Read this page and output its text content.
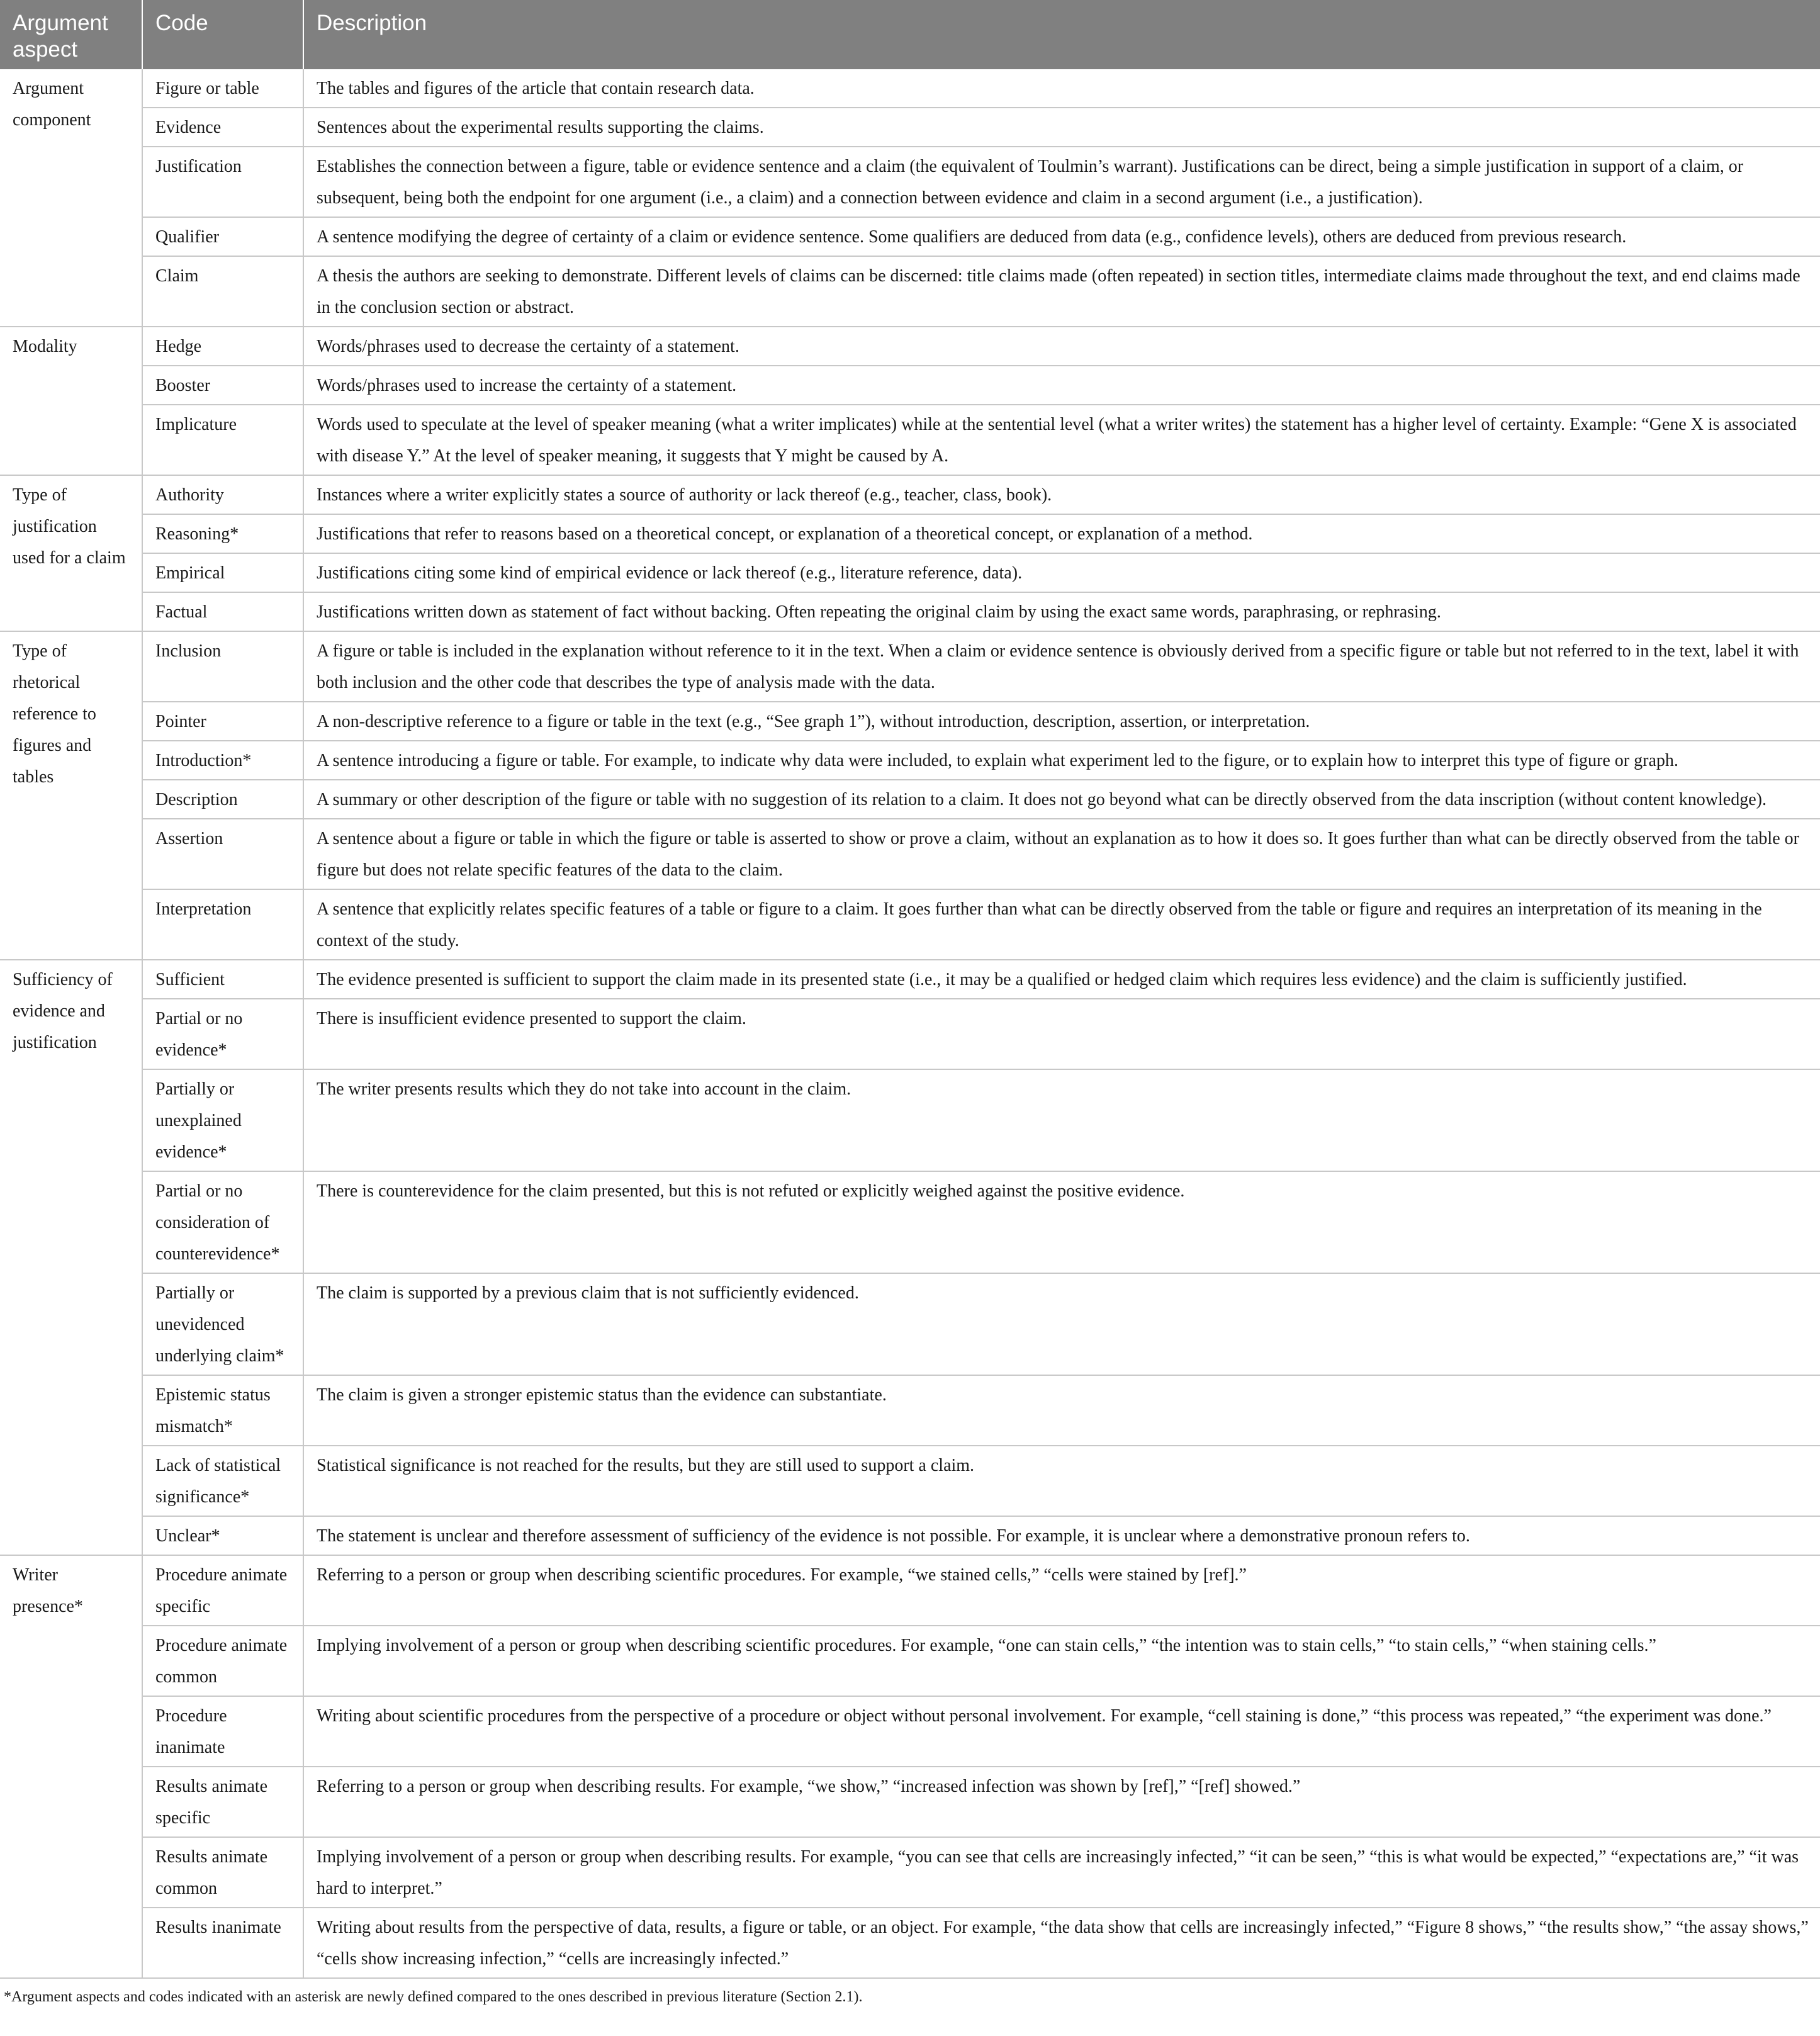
Argument aspect	Code	Description
Argument component	Figure or table	The tables and figures of the article that contain research data.
	Evidence	Sentences about the experimental results supporting the claims.
	Justification	Establishes the connection between a figure, table or evidence sentence and a claim (the equivalent of Toulmin’s warrant). Justifications can be direct, being a simple justification in support of a claim, or subsequent, being both the endpoint for one argument (i.e., a claim) and a connection between evidence and claim in a second argument (i.e., a justification).
	Qualifier	A sentence modifying the degree of certainty of a claim or evidence sentence. Some qualifiers are deduced from data (e.g., confidence levels), others are deduced from previous research.
	Claim	A thesis the authors are seeking to demonstrate. Different levels of claims can be discerned: title claims made (often repeated) in section titles, intermediate claims made throughout the text, and end claims made in the conclusion section or abstract.
Modality	Hedge	Words/phrases used to decrease the certainty of a statement.
	Booster	Words/phrases used to increase the certainty of a statement.
	Implicature	Words used to speculate at the level of speaker meaning (what a writer implicates) while at the sentential level (what a writer writes) the statement has a higher level of certainty. Example: “Gene X is associated with disease Y.” At the level of speaker meaning, it suggests that Y might be caused by A.
Type of justification used for a claim	Authority	Instances where a writer explicitly states a source of authority or lack thereof (e.g., teacher, class, book).
	Reasoning*	Justifications that refer to reasons based on a theoretical concept, or explanation of a theoretical concept, or explanation of a method.
	Empirical	Justifications citing some kind of empirical evidence or lack thereof (e.g., literature reference, data).
	Factual	Justifications written down as statement of fact without backing. Often repeating the original claim by using the exact same words, paraphrasing, or rephrasing.
Type of rhetorical reference to figures and tables	Inclusion	A figure or table is included in the explanation without reference to it in the text. When a claim or evidence sentence is obviously derived from a specific figure or table but not referred to in the text, label it with both inclusion and the other code that describes the type of analysis made with the data.
	Pointer	A non-descriptive reference to a figure or table in the text (e.g., “See graph 1”), without introduction, description, assertion, or interpretation.
	Introduction*	A sentence introducing a figure or table. For example, to indicate why data were included, to explain what experiment led to the figure, or to explain how to interpret this type of figure or graph.
	Description	A summary or other description of the figure or table with no suggestion of its relation to a claim. It does not go beyond what can be directly observed from the data inscription (without content knowledge).
	Assertion	A sentence about a figure or table in which the figure or table is asserted to show or prove a claim, without an explanation as to how it does so. It goes further than what can be directly observed from the table or figure but does not relate specific features of the data to the claim.
	Interpretation	A sentence that explicitly relates specific features of a table or figure to a claim. It goes further than what can be directly observed from the table or figure and requires an interpretation of its meaning in the context of the study.
Sufficiency of evidence and justification	Sufficient	The evidence presented is sufficient to support the claim made in its presented state (i.e., it may be a qualified or hedged claim which requires less evidence) and the claim is sufficiently justified.
	Partial or no evidence*	There is insufficient evidence presented to support the claim.
	Partially or unexplained evidence*	The writer presents results which they do not take into account in the claim.
	Partial or no consideration of counterevidence*	There is counterevidence for the claim presented, but this is not refuted or explicitly weighed against the positive evidence.
	Partially or unevidenced underlying claim*	The claim is supported by a previous claim that is not sufficiently evidenced.
	Epistemic status mismatch*	The claim is given a stronger epistemic status than the evidence can substantiate.
	Lack of statistical significance*	Statistical significance is not reached for the results, but they are still used to support a claim.
	Unclear*	The statement is unclear and therefore assessment of sufficiency of the evidence is not possible. For example, it is unclear where a demonstrative pronoun refers to.
Writer presence*	Procedure animate specific	Referring to a person or group when describing scientific procedures. For example, “we stained cells,” “cells were stained by [ref].”
	Procedure animate common	Implying involvement of a person or group when describing scientific procedures. For example, “one can stain cells,” “the intention was to stain cells,” “to stain cells,” “when staining cells.”
	Procedure inanimate	Writing about scientific procedures from the perspective of a procedure or object without personal involvement. For example, “cell staining is done,” “this process was repeated,” “the experiment was done.”
	Results animate specific	Referring to a person or group when describing results. For example, “we show,” “increased infection was shown by [ref],” “[ref] showed.”
	Results animate common	Implying involvement of a person or group when describing results. For example, “you can see that cells are increasingly infected,” “it can be seen,” “this is what would be expected,” “expectations are,” “it was hard to interpret.”
	Results inanimate	Writing about results from the perspective of data, results, a figure or table, or an object. For example, “the data show that cells are increasingly infected,” “Figure 8 shows,” “the results show,” “the assay shows,” “cells show increasing infection,” “cells are increasingly infected.”
*Argument aspects and codes indicated with an asterisk are newly defined compared to the ones described in previous literature (Section 2.1).
